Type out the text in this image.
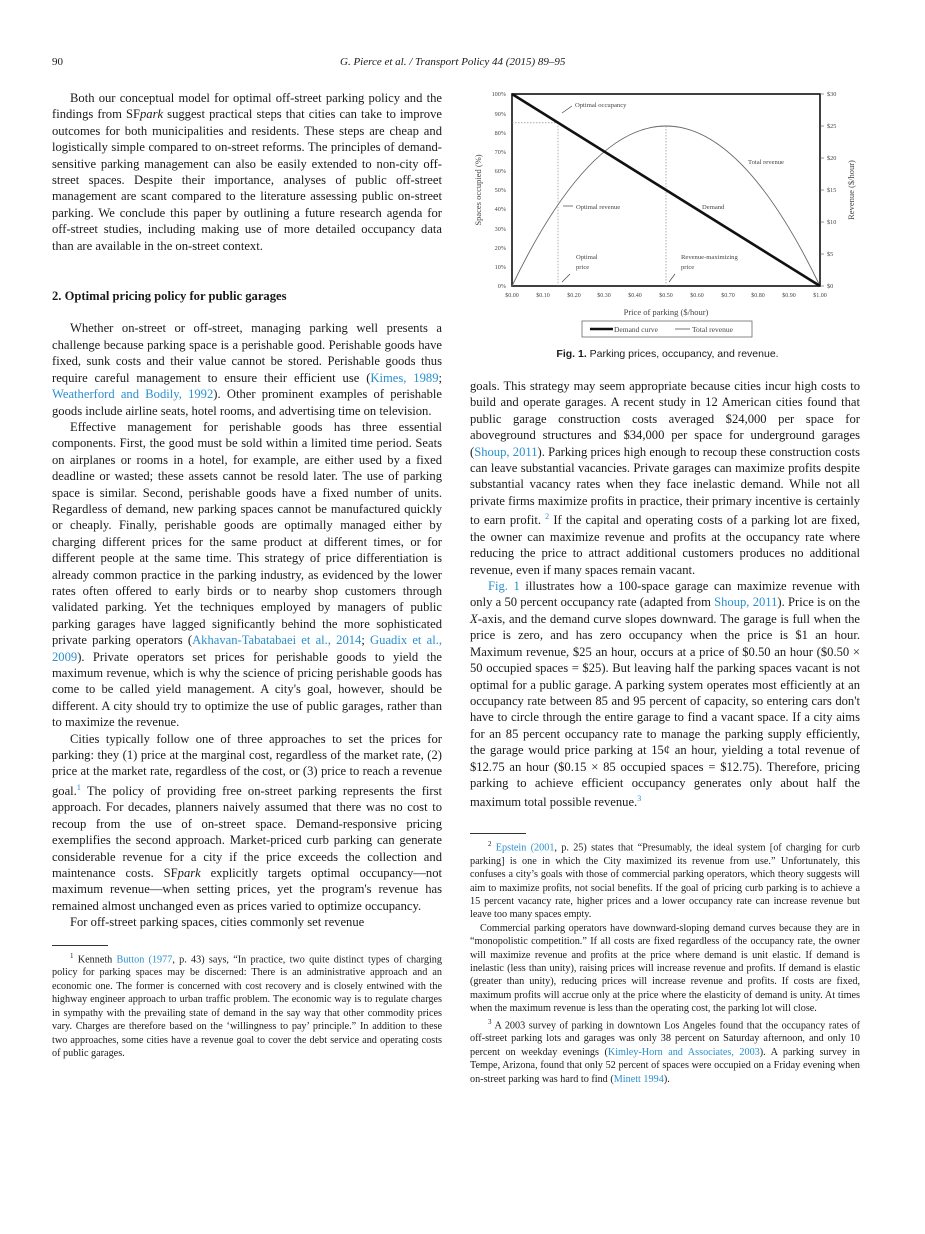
90	G. Pierce et al. / Transport Policy 44 (2015) 89–95

Both our conceptual model for optimal off-street parking policy and the findings from SFpark suggest practical steps that cities can take to improve outcomes for both municipalities and residents. These steps are cheap and logistically simple compared to on-street reforms. The principles of demand-sensitive parking management can also be easily extended to non-city off-street spaces. Despite their importance, analyses of public off-street management are scant compared to the literature assessing public on-street parking. We conclude this paper by outlining a future research agenda for off-street studies, including making use of more detailed occupancy data than are available in the on-street context.

2. Optimal pricing policy for public garages

Whether on-street or off-street, managing parking well presents a challenge because parking space is a perishable good. Perishable goods have fixed, sunk costs and their value cannot be stored. Perishable goods thus require careful management to ensure their efficient use (Kimes, 1989; Weatherford and Bodily, 1992). Other prominent examples of perishable goods include airline seats, hotel rooms, and advertising time on television.

Effective management for perishable goods has three essential components. First, the good must be sold within a limited time period. Seats on airplanes or rooms in a hotel, for example, are either used by a fixed deadline or wasted; these assets cannot be resold later. The use of parking space is similar. Second, perishable goods have a fixed number of units. Regardless of demand, new parking spaces cannot be manufactured quickly or cheaply. Finally, perishable goods are optimally managed either by charging different prices for the same product at different times, or for different people at the same time. This strategy of price differentiation is already common practice in the parking industry, as evidenced by the lower rates often offered to early birds or to nearby shop customers through validated parking. Yet the techniques employed by managers of public parking garages have lagged significantly behind the more sophisticated private parking operators (Akhavan-Tabatabaei et al., 2014; Guadix et al., 2009). Private operators set prices for perishable goods to yield the maximum revenue, which is why the science of pricing perishable goods has come to be called yield management. A city's goal, however, should be different. A city should try to optimize the use of public garages, rather than to maximize the revenue.

Cities typically follow one of three approaches to set the prices for parking: they (1) price at the marginal cost, regardless of the market rate, (2) price at the market rate, regardless of the cost, or (3) price to reach a revenue goal.$^1$ The policy of providing free on-street parking represents the first approach. For decades, planners naively assumed that there was no cost to recoup from the use of on-street space. Demand-responsive pricing exemplifies the second approach. Market-priced curb parking can generate considerable revenue for a city if the price exceeds the collection and maintenance costs. SFpark explicitly targets optimal occupancy—not maximum revenue—when setting prices, yet the program's revenue has remained almost unchanged even as prices varied to optimize occupancy.

For off-street parking spaces, cities commonly set revenue

$^1$ Kenneth Button (1977, p. 43) says, “In practice, two quite distinct types of charging policy for parking spaces may be discerned: There is an administrative approach and an economic one. The former is concerned with cost recovery and is closely entwined with the highway engineer approach to urban traffic problem. The economic way is to regulate charges in sympathy with the prevailing state of demand in the say way that other commodity prices vary. Charges are therefore based on the ‘willingness to pay’ principle.” In addition to these two approaches, some cities have a revenue goal to cover the debt service and operating costs of public garages.

0%
10%
20%
30%
40%
50%
60%
70%
80%
90%
100%	$30
$25
$20
$15
$10
$5
$0
$0.00	$0.10	$0.20	$0.30	$0.40	$0.50	$0.60	$0.70	$0.80	$0.90	$1.00
Spaces occupied (%)	Revenue ($/hour)
Price of parking ($/hour)
Optimal occupancy
Optimal revenue
Total revenue
Demand
Optimal
price
Revenue-maximizing
price
Demand curve	Total revenue
Fig. 1. Parking prices, occupancy, and revenue.

goals. This strategy may seem appropriate because cities incur high costs to build and operate garages. A recent study in 12 American cities found that public garage construction costs averaged $24,000 per space for aboveground structures and $34,000 per space for underground garages (Shoup, 2011). Parking prices high enough to recoup these construction costs can leave substantial vacancies. Private garages can maximize profits despite substantial vacancy rates when they face inelastic demand. While not all private firms maximize profits in practice, their primary incentive is certainly to earn profit. $^2$ If the capital and operating costs of a parking lot are fixed, the owner can maximize revenue and profits at the occupancy rate where reducing the price to attract additional customers produces no additional revenue, even if many spaces remain vacant.

Fig. 1 illustrates how a 100-space garage can maximize revenue with only a 50 percent occupancy rate (adapted from Shoup, 2011). Price is on the X-axis, and the demand curve slopes downward. The garage is full when the price is zero, and has zero occupancy when the price is $1 an hour. Maximum revenue, $25 an hour, occurs at a price of $0.50 an hour ($0.50 × 50 occupied spaces = $25). But leaving half the parking spaces vacant is not optimal for a public garage. A parking system operates most efficiently at an occupancy rate between 85 and 95 percent of capacity, so entering cars don't have to circle through the entire garage to find a vacant space. If a city aims for an 85 percent occupancy rate to manage the parking supply efficiently, the garage would price parking at 15¢ an hour, yielding a total revenue of $12.75 an hour ($0.15 × 85 occupied spaces = $12.75). Therefore, pricing parking to achieve efficient occupancy generates only about half the maximum total possible revenue.$^3$

$^2$ Epstein (2001, p. 25) states that “Presumably, the ideal system [of charging for curb parking] is one in which the City maximized its revenue from use.” Unfortunately, this confuses a city’s goals with those of commercial parking operators, which theory suggests will aim to maximize profits, not social benefits. If the goal of pricing curb parking is to achieve a 15 percent vacancy rate, higher prices and a lower occupancy rate can increase revenue but leave too many spaces empty.

Commercial parking operators have downward-sloping demand curves because they are in “monopolistic competition.” If all costs are fixed regardless of the occupancy rate, the owner will maximize revenue and profits at the price where demand is unit elastic. If demand is inelastic (less than unity), raising prices will increase revenue and profits. If demand is elastic (greater than unity), reducing prices will increase revenue and profits. If costs are fixed, maximum profits will accrue only at the price where the elasticity of demand is unity. At times when the maximum revenue is less than the operating cost, the parking lot will close.

$^3$ A 2003 survey of parking in downtown Los Angeles found that the occupancy rates of off-street parking lots and garages was only 38 percent on Saturday afternoon, and only 10 percent on weekday evenings (Kimley-Horn and Associates, 2003). A parking survey in Tempe, Arizona, found that only 52 percent of spaces were occupied on a Friday evening when on-street parking was hard to find (Minett 1994).
